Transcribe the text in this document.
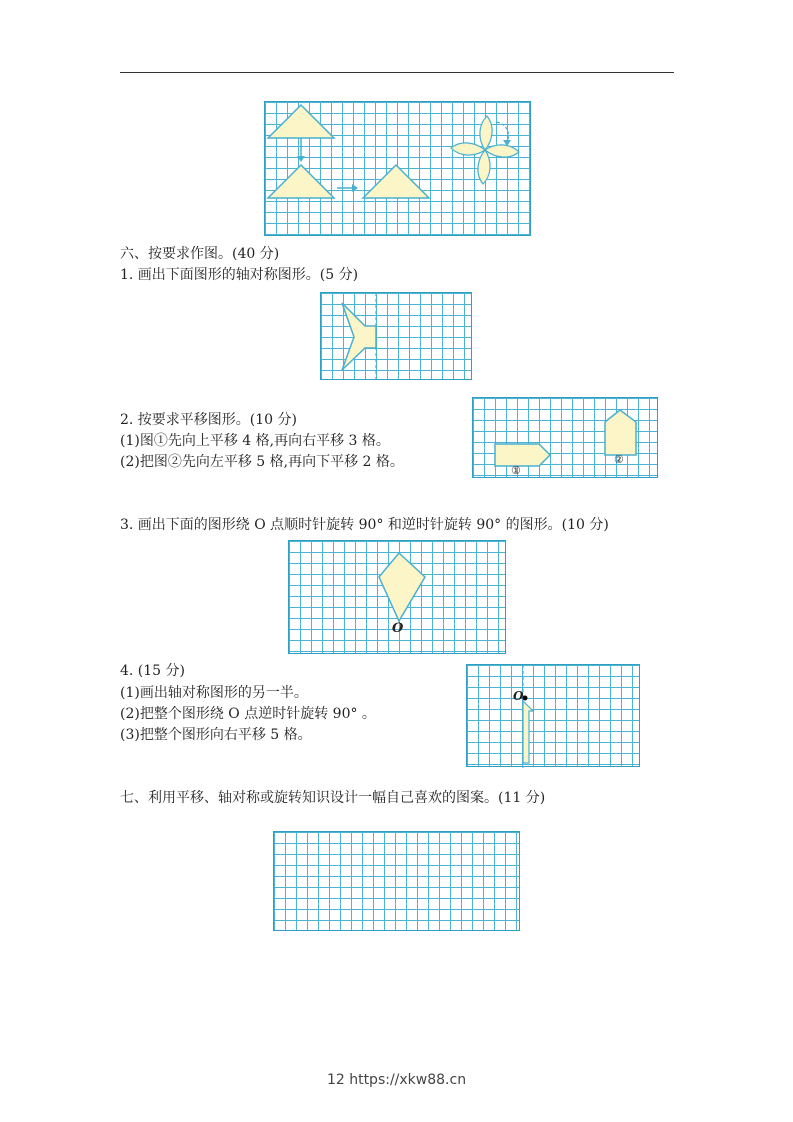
六、按要求作图。(40 分)
1. 画出下面图形的轴对称图形。(5 分)
2. 按要求平移图形。(10 分)
(1)图①先向上平移 4 格,再向右平移 3 格。
(2)把图②先向左平移 5 格,再向下平移 2 格。
①
②
3. 画出下面的图形绕 O 点顺时针旋转 90° 和逆时针旋转 90° 的图形。(10 分)
O
4. (15 分)
(1)画出轴对称图形的另一半。
(2)把整个图形绕 O 点逆时针旋转 90° 。
(3)把整个图形向右平移 5 格。
O
七、利用平移、轴对称或旋转知识设计一幅自己喜欢的图案。(11 分)
12 https://xkw88.cn
